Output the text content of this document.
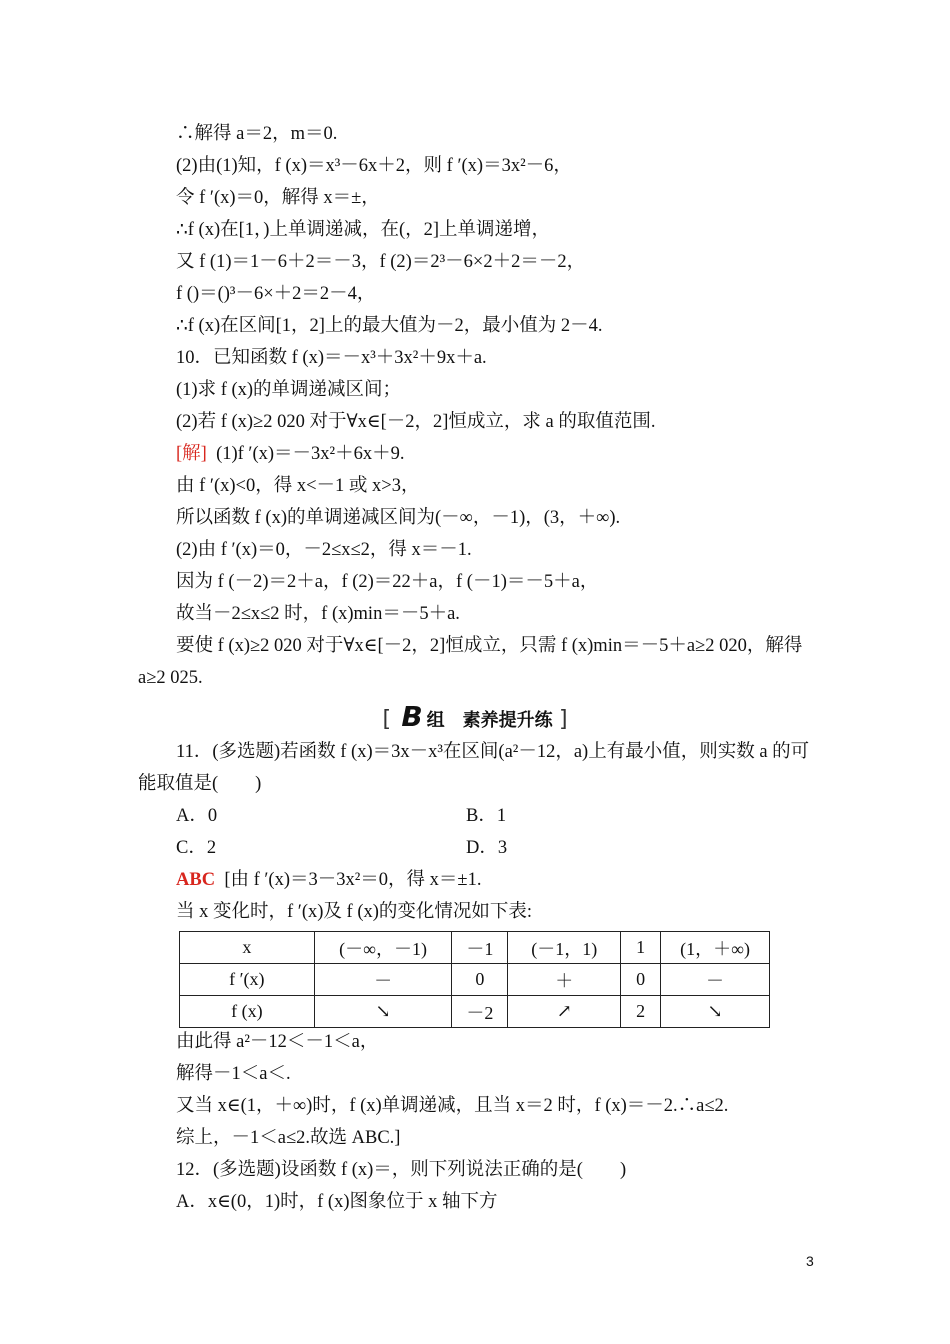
∴解得 a＝2，m＝0.
(2)由(1)知，f (x)＝x³－6x＋2，则 f ′(x)＝3x²－6，
令 f ′(x)＝0，解得 x＝±，
∴f (x)在[1，)上单调递减，在(，2]上单调递增，
又 f (1)＝1－6＋2＝－3，f (2)＝2³－6×2＋2＝－2，
f ()＝()³－6×＋2＝2－4，
∴f (x)在区间[1，2]上的最大值为－2，最小值为 2－4.
10．已知函数 f (x)＝－x³＋3x²＋9x＋a.
(1)求 f (x)的单调递减区间；
(2)若 f (x)≥2 020 对于∀x∈[－2，2]恒成立，求 a 的取值范围.
[解] (1)f ′(x)＝－3x²＋6x＋9.
由 f ′(x)<0，得 x<－1 或 x>3，
所以函数 f (x)的单调递减区间为(－∞，－1)，(3，＋∞).
(2)由 f ′(x)＝0，－2≤x≤2，得 x＝－1.
因为 f (－2)＝2＋a，f (2)＝22＋a，f (－1)＝－5＋a，
故当－2≤x≤2 时，f (x)min＝－5＋a.
要使 f (x)≥2 020 对于∀x∈[－2，2]恒成立，只需 f (x)min＝－5＋a≥2 020，解得
a≥2 025.
[ B 组　素养提升练 ]
11．(多选题)若函数 f (x)＝3x－x³在区间(a²－12，a)上有最小值，则实数 a 的可
能取值是(　　)
A．0	B．1
C．2	D．3
ABC [由 f ′(x)＝3－3x²＝0，得 x＝±1.
当 x 变化时，f ′(x)及 f (x)的变化情况如下表:
x	(－∞，－1)	－1	(－1，1)	1	(1，＋∞)
f ′(x)	－	0	＋	0	－
f (x)	↘	－2	↗	2	↘
由此得 a²－12＜－1＜a，
解得－1＜a＜.
又当 x∈(1，＋∞)时，f (x)单调递减，且当 x＝2 时，f (x)＝－2.∴a≤2.
综上，－1＜a≤2.故选 ABC.]
12．(多选题)设函数 f (x)＝，则下列说法正确的是(　　)
A．x∈(0，1)时，f (x)图象位于 x 轴下方
3
